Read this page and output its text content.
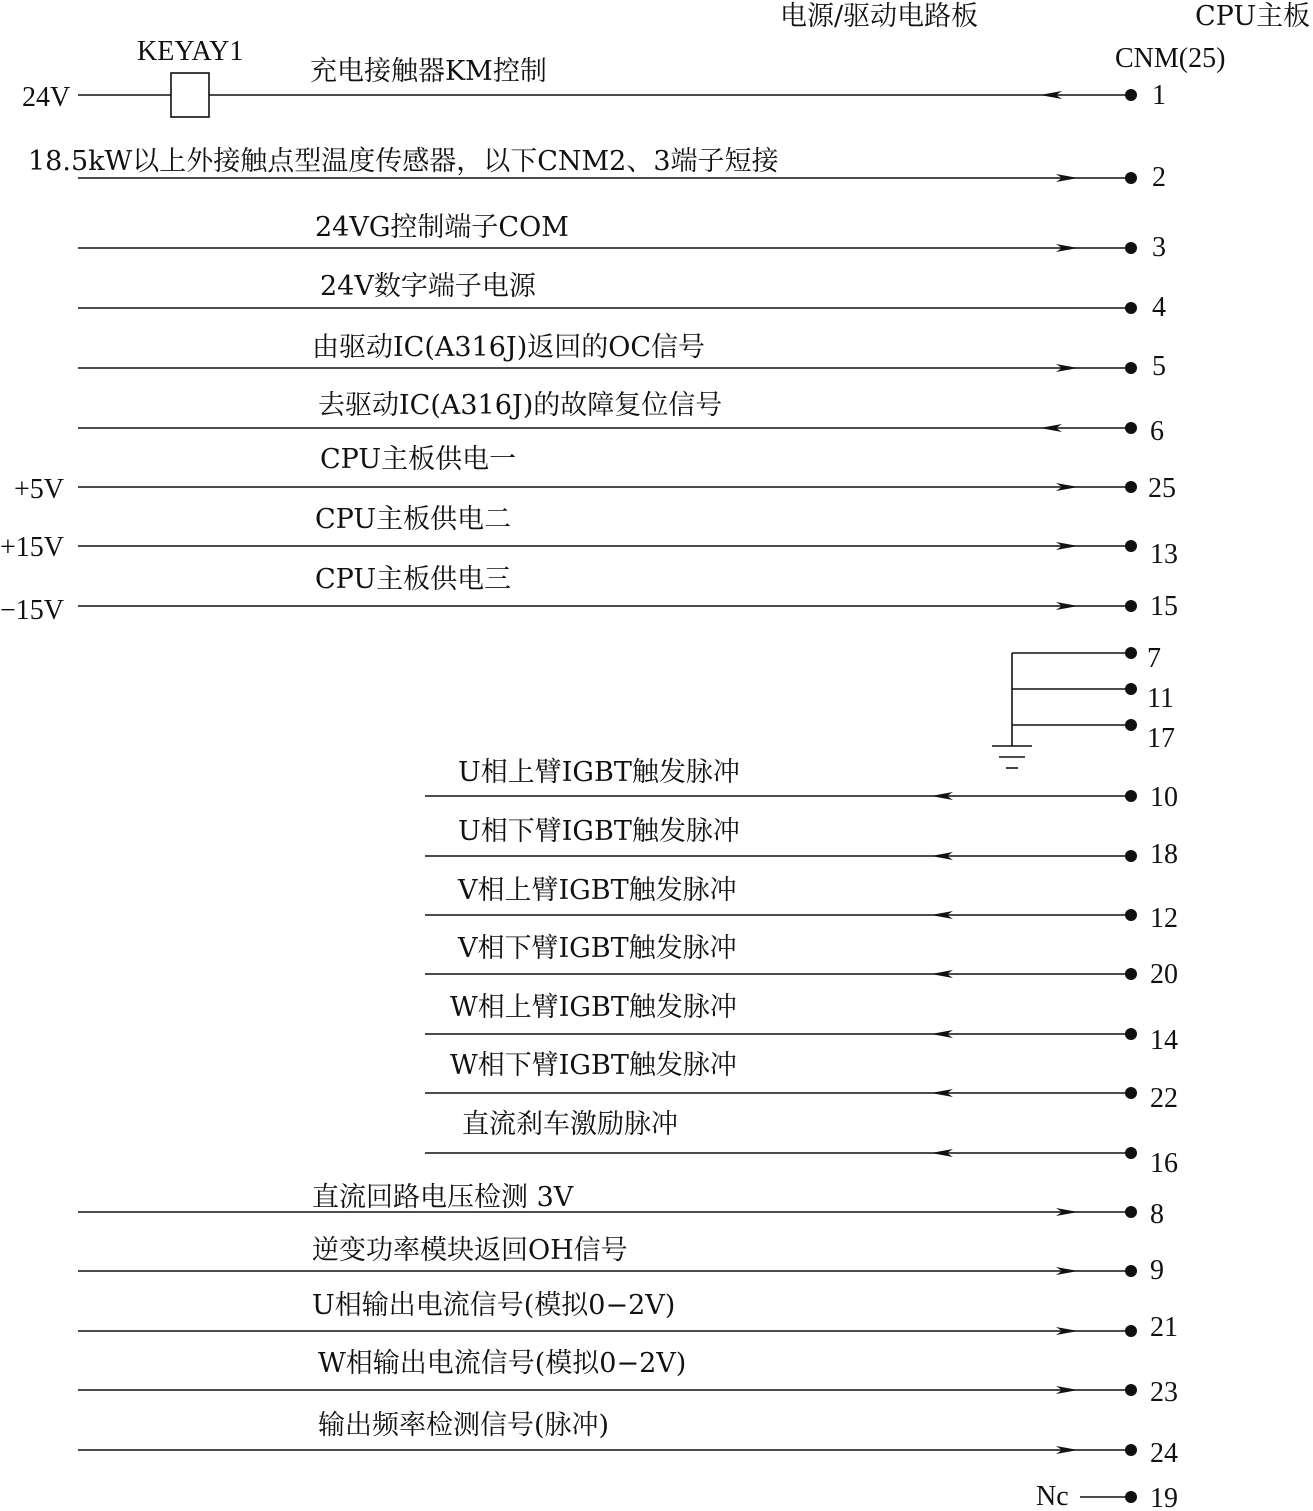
电源/驱动电路板	CPU主板
CNM(25)
KEYAY1
Nc
1
充电接触器KM控制
24V
2
18.5kW以上外接触点型温度传感器，以下CNM2、3端子短接
3
24VG控制端子COM
4
24V数字端子电源
5
由驱动IC(A316J)返回的OC信号
6
去驱动IC(A316J)的故障复位信号
25
CPU主板供电一
+5V
13
CPU主板供电二
+15V
15
CPU主板供电三
−15V
7
11
17
10
U相上臂IGBT触发脉冲
18
U相下臂IGBT触发脉冲
12
V相上臂IGBT触发脉冲
20
V相下臂IGBT触发脉冲
14
W相上臂IGBT触发脉冲
22
W相下臂IGBT触发脉冲
16
直流刹车激励脉冲
8
直流回路电压检测 3V
9
逆变功率模块返回OH信号
21
U相输出电流信号(模拟0−2V)
23
W相输出电流信号(模拟0−2V)
24
输出频率检测信号(脉冲)
19
